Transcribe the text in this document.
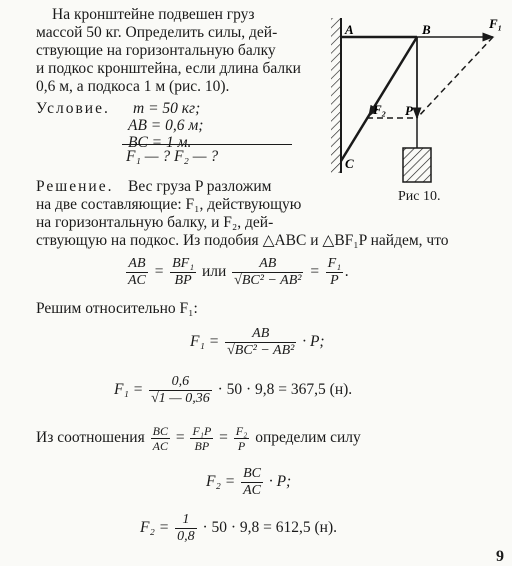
На кронштейне подвешен груз
массой 50 кг. Определить силы, дей-
ствующие на горизонтальную балку
и подкос кронштейна, если длина балки
0,6 м, а подкоса 1 м (рис. 10).
Условие. m = 50 кг;
AB = 0,6 м;
BC = 1 м.
F₁ — ? F₂ — ?
Решение. Вес груза P разложим
на две составляющие: F₁, действующую
на горизонтальную балку, и F₂, дей-
ствующую на подкос. Из подобия △ABC и △BF₁P найдем, что
$\frac{AB}{AC} = \frac{\text{BF₁}}{BP}$ или $\frac{AB}{\text{√BC² − AB²}} = \frac{\text{F₁}}{P}$ .
Решим относительно F₁:
$F_1 = \frac{AB}{\text{√BC² − AB²}} \cdot P$;
$F_1 = \frac{0,6}{√1 — 0,36} \cdot 50 \cdot 9,8 = 367,5$ (н).
Из соотношения $\frac{BC}{AC} = \frac{\text{F₁P}}{BP} = \frac{\text{F₂}}{P}$ определим силу
$F_2 = \frac{BC}{AC} \cdot P$;
$F_2 = \frac{1}{0,8} \cdot 50 \cdot 9,8 = 612,5$ (н).
9
A	B
C
F₁
F₂ P
Рис 10.
